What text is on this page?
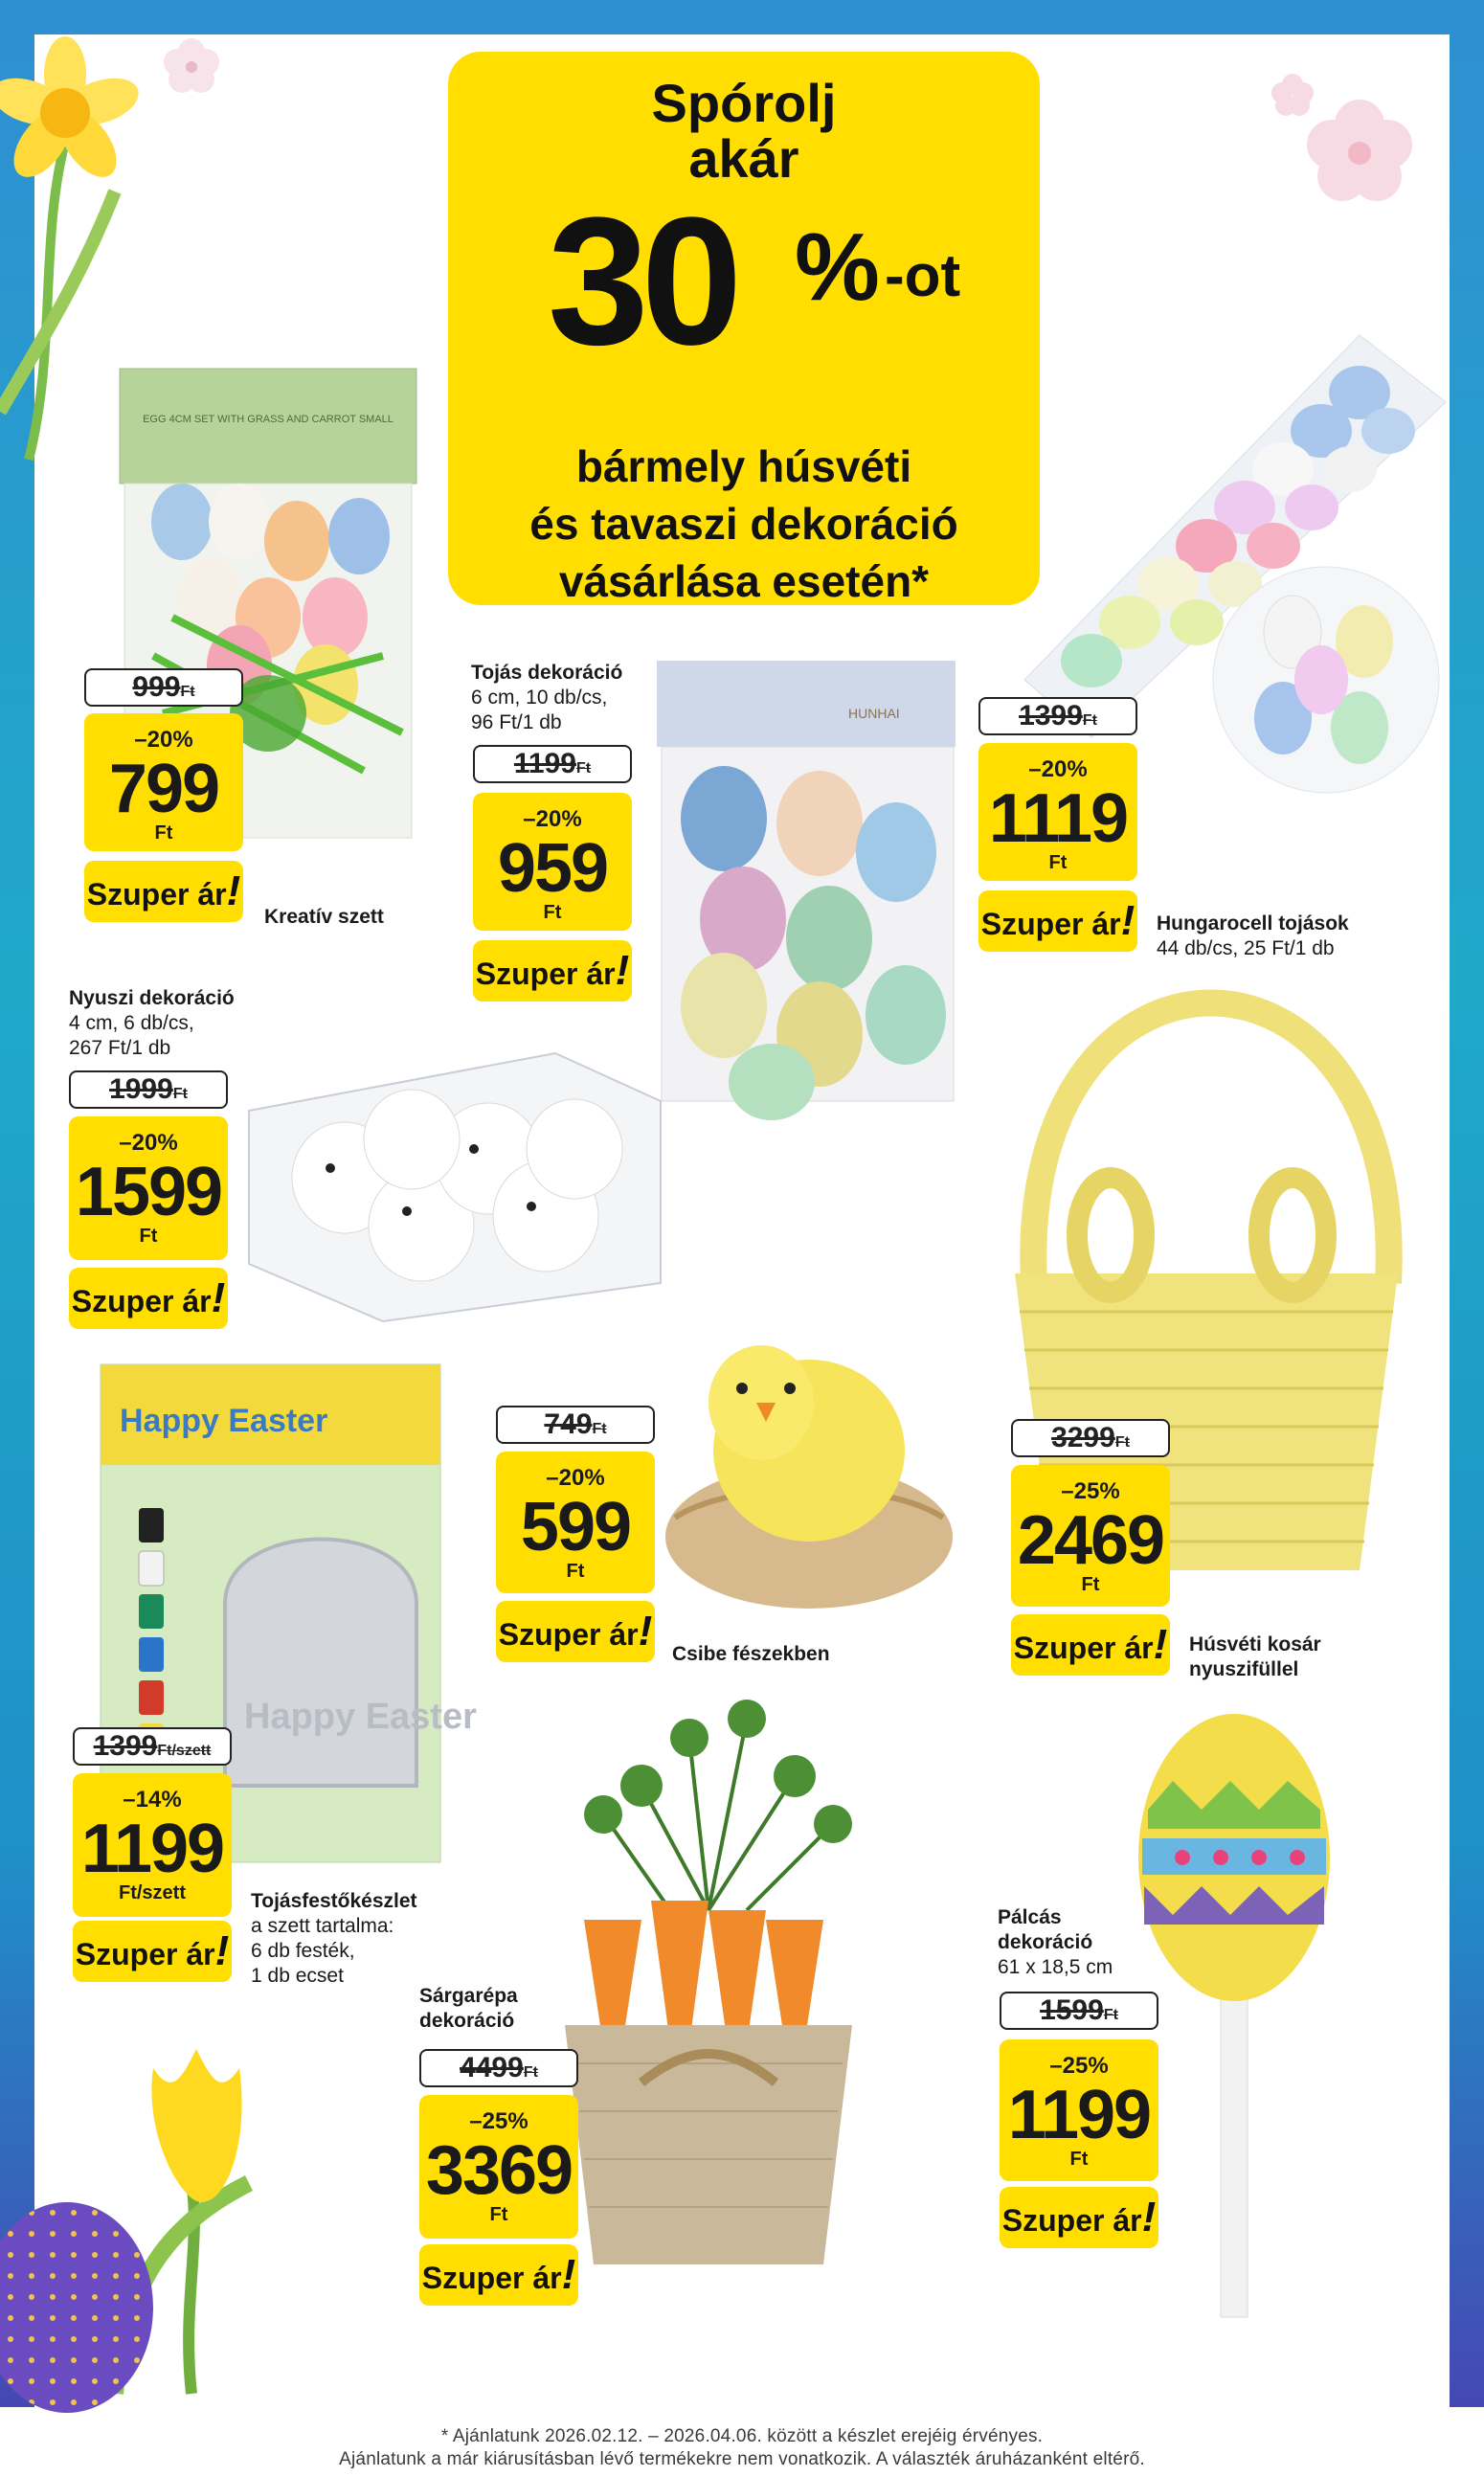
Spórolj
akár
30 % -ot
bármely húsvéti
és tavaszi dekoráció
vásárlása esetén*
EGG 4CM SET WITH GRASS AND CARROT SMALL
HUNHAI
Happy Easter
Happy Easter
999Ft
–20%
799
Ft
Szuper ár!
Kreatív szett
Tojás dekoráció
6 cm, 10 db/cs,
96 Ft/1 db
1199Ft
–20%
959
Ft
Szuper ár!
1399Ft
–20%
1119
Ft
Szuper ár! Hungarocell tojások
44 db/cs, 25 Ft/1 db
Nyuszi dekoráció
4 cm, 6 db/cs,
267 Ft/1 db
1999Ft
–20%
1599
Ft
Szuper ár!
749Ft
–20%
599
Ft
Szuper ár! Csibe fészekben
3299Ft
–25%
2469
Ft
Szuper ár! Húsvéti kosár
nyuszifüllel
1399Ft/szett
–14%
1199
Ft/szett
Szuper ár!
Tojásfestőkészlet
a szett tartalma:
6 db festék,
1 db ecset
Sárgarépa
dekoráció
4499Ft
–25%
3369
Ft
Szuper ár!
Pálcás
dekoráció
61 x 18,5 cm
1599Ft
–25%
1199
Ft
Szuper ár!
* Ajánlatunk 2026.02.12. – 2026.04.06. között a készlet erejéig érvényes.
Ajánlatunk a már kiárusításban lévő termékekre nem vonatkozik. A választék áruházanként eltérő.
